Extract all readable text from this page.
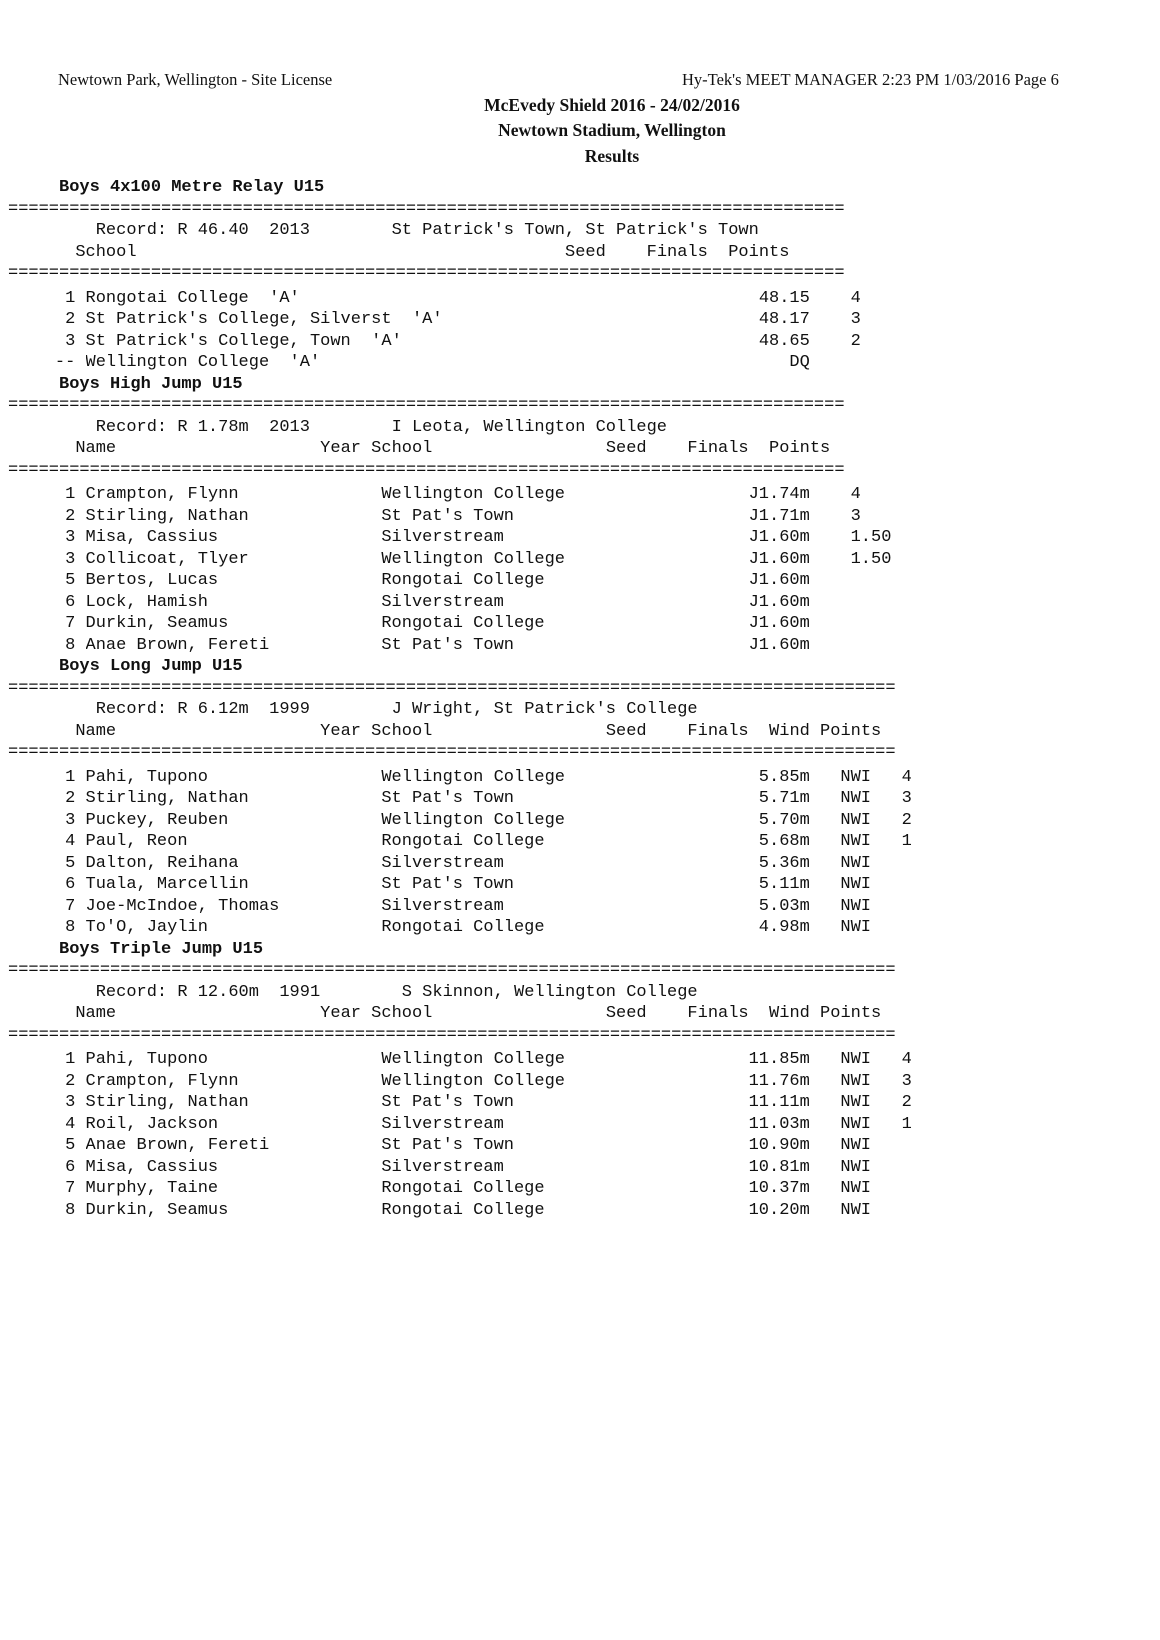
Newtown Park, Wellington - Site License	Hy-Tek's MEET MANAGER 2:23 PM 1/03/2016 Page 6
McEvedy Shield 2016 - 24/02/2016
Newtown Stadium, Wellington
Results
Boys 4x100 Metre Relay U15
==================================================================================
Record: R 46.40  2013        St Patrick's Town, St Patrick's Town
School                                          Seed    Finals  Points
==================================================================================
1 Rongotai College  'A'	48.15 4
2 St Patrick's College, Silverst  'A'	48.17 3
3 St Patrick's College, Town  'A'	48.65 2
-- Wellington College  'A'	DQ
Boys High Jump U15
==================================================================================
Record: R 1.78m  2013        I Leota, Wellington College
Name                    Year School                 Seed    Finals  Points
==================================================================================
1 Crampton, Flynn	Wellington College	J1.74m 4
2 Stirling, Nathan	St Pat's Town	J1.71m 3
3 Misa, Cassius	Silverstream	J1.60m 1.50
3 Collicoat, Tlyer	Wellington College	J1.60m 1.50
5 Bertos, Lucas	Rongotai College	J1.60m
6 Lock, Hamish	Silverstream	J1.60m
7 Durkin, Seamus	Rongotai College	J1.60m
8 Anae Brown, Fereti	St Pat's Town	J1.60m
Boys Long Jump U15
=======================================================================================
Record: R 6.12m  1999        J Wright, St Patrick's College
Name                    Year School                 Seed    Finals  Wind Points
=======================================================================================
1 Pahi, Tupono	Wellington College	5.85m NWI 4
2 Stirling, Nathan	St Pat's Town	5.71m NWI 3
3 Puckey, Reuben	Wellington College	5.70m NWI 2
4 Paul, Reon	Rongotai College	5.68m NWI 1
5 Dalton, Reihana	Silverstream	5.36m NWI
6 Tuala, Marcellin	St Pat's Town	5.11m NWI
7 Joe-McIndoe, Thomas	Silverstream	5.03m NWI
8 To'O, Jaylin	Rongotai College	4.98m NWI
Boys Triple Jump U15
=======================================================================================
Record: R 12.60m  1991        S Skinnon, Wellington College
Name                    Year School                 Seed    Finals  Wind Points
=======================================================================================
1 Pahi, Tupono	Wellington College	11.85m NWI 4
2 Crampton, Flynn	Wellington College	11.76m NWI 3
3 Stirling, Nathan	St Pat's Town	11.11m NWI 2
4 Roil, Jackson	Silverstream	11.03m NWI 1
5 Anae Brown, Fereti	St Pat's Town	10.90m NWI
6 Misa, Cassius	Silverstream	10.81m NWI
7 Murphy, Taine	Rongotai College	10.37m NWI
8 Durkin, Seamus	Rongotai College	10.20m NWI
